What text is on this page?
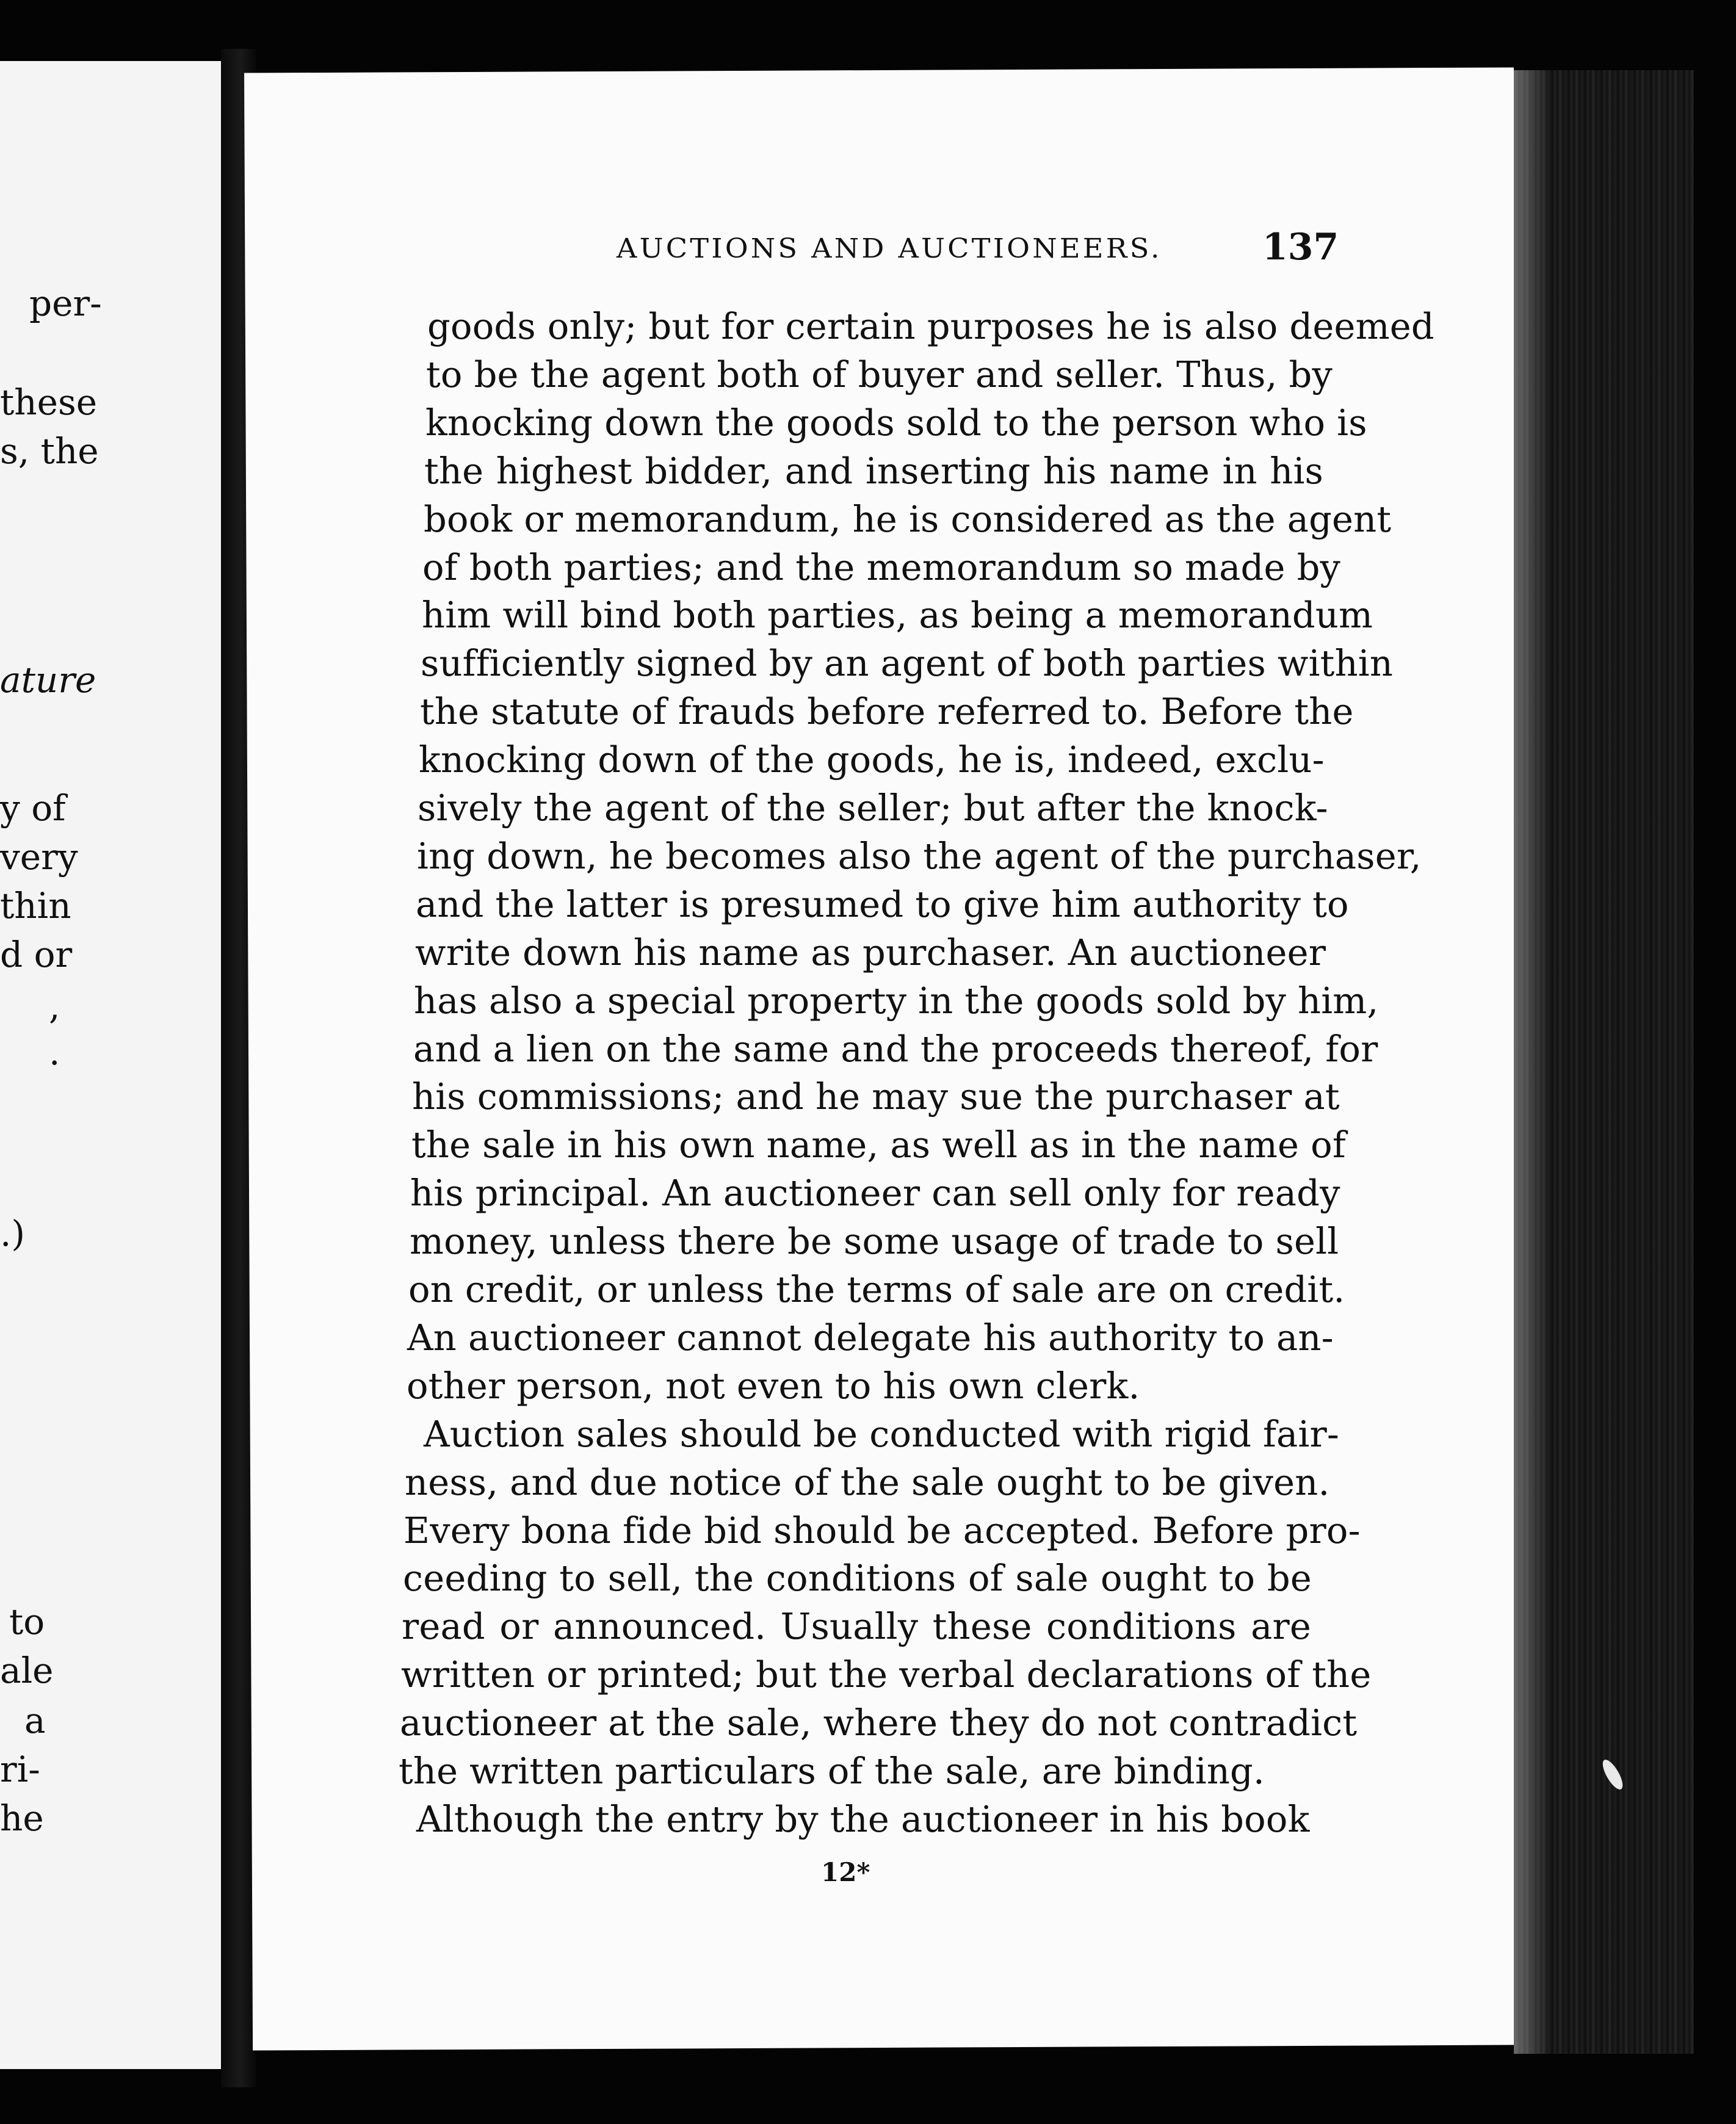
per-
these
s, the
ature
y of
very
thin
d or
,
.
.)
to
ale
a
ri-
he
AUCTIONS AND AUCTIONEERS.	137
goods only; but for certain purposes he is also deemed
to be the agent both of buyer and seller. Thus, by
knocking down the goods sold to the person who is
the highest bidder, and inserting his name in his
book or memorandum, he is considered as the agent
of both parties; and the memorandum so made by
him will bind both parties, as being a memorandum
sufficiently signed by an agent of both parties within
the statute of frauds before referred to. Before the
knocking down of the goods, he is, indeed, exclu-
sively the agent of the seller; but after the knock-
ing down, he becomes also the agent of the purchaser,
and the latter is presumed to give him authority to
write down his name as purchaser. An auctioneer
has also a special property in the goods sold by him,
and a lien on the same and the proceeds thereof, for
his commissions; and he may sue the purchaser at
the sale in his own name, as well as in the name of
his principal. An auctioneer can sell only for ready
money, unless there be some usage of trade to sell
on credit, or unless the terms of sale are on credit.
An auctioneer cannot delegate his authority to an-
other person, not even to his own clerk.
Auction sales should be conducted with rigid fair-
ness, and due notice of the sale ought to be given.
Every bona fide bid should be accepted. Before pro-
ceeding to sell, the conditions of sale ought to be
read or announced. Usually these conditions are
written or printed; but the verbal declarations of the
auctioneer at the sale, where they do not contradict
the written particulars of the sale, are binding.
Although the entry by the auctioneer in his book
12*
